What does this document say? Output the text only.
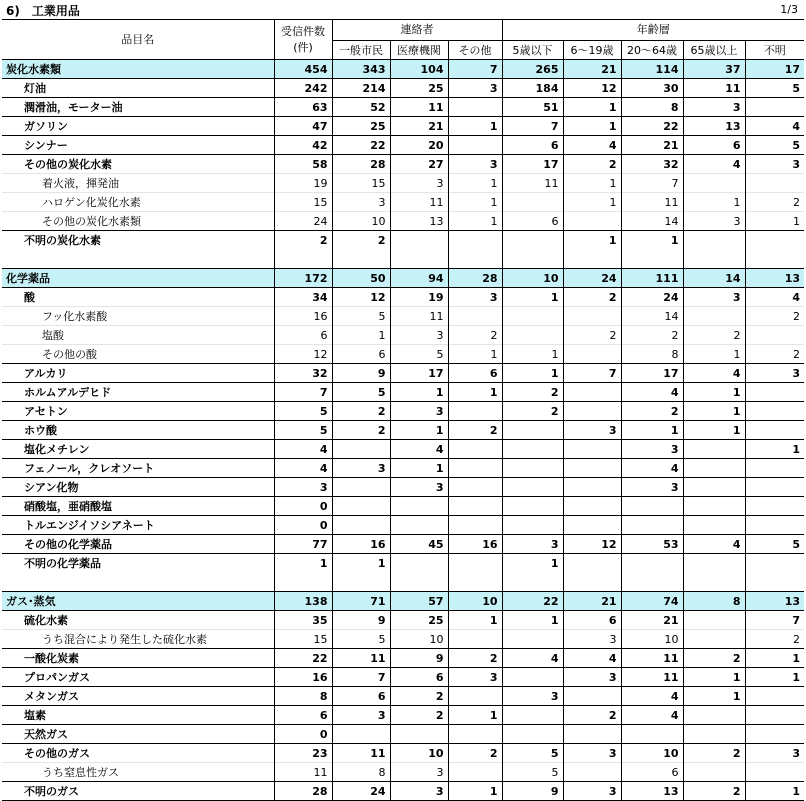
6)　工業用品	1/3
品目名	受信件数(件)	連絡者			年齢層				
		一般市民	医療機関	その他	5歳以下	6～19歳	20～64歳	65歳以上	不明
炭化水素類	454	343	104	7	265	21	114	37	17
灯油	242	214	25	3	184	12	30	11	5
潤滑油，モーター油	63	52	11		51	1	8	3	
ガソリン	47	25	21	1	7	1	22	13	4
シンナー	42	22	20		6	4	21	6	5
その他の炭化水素	58	28	27	3	17	2	32	4	3
着火液，揮発油	19	15	3	1	11	1	7		
ハロゲン化炭化水素	15	3	11	1		1	11	1	2
その他の炭化水素類	24	10	13	1	6		14	3	1
不明の炭化水素	2	2				1	1		

化学薬品	172	50	94	28	10	24	111	14	13
酸	34	12	19	3	1	2	24	3	4
フッ化水素酸	16	5	11				14		2
塩酸	6	1	3	2		2	2	2	
その他の酸	12	6	5	1	1		8	1	2
アルカリ	32	9	17	6	1	7	17	4	3
ホルムアルデヒド	7	5	1	1	2		4	1	
アセトン	5	2	3		2		2	1	
ホウ酸	5	2	1	2		3	1	1	
塩化メチレン	4		4				3		1
フェノール，クレオソート	4	3	1				4		
シアン化物	3		3				3		
硝酸塩，亜硝酸塩	0								
トルエンジイソシアネート	0								
その他の化学薬品	77	16	45	16	3	12	53	4	5
不明の化学薬品	1	1			1				

ガス･蒸気	138	71	57	10	22	21	74	8	13
硫化水素	35	9	25	1	1	6	21		7
うち混合により発生した硫化水素	15	5	10			3	10		2
一酸化炭素	22	11	9	2	4	4	11	2	1
プロパンガス	16	7	6	3		3	11	1	1
メタンガス	8	6	2		3		4	1	
塩素	6	3	2	1		2	4		
天然ガス	0								
その他のガス	23	11	10	2	5	3	10	2	3
うち窒息性ガス	11	8	3		5		6		
不明のガス	28	24	3	1	9	3	13	2	1
